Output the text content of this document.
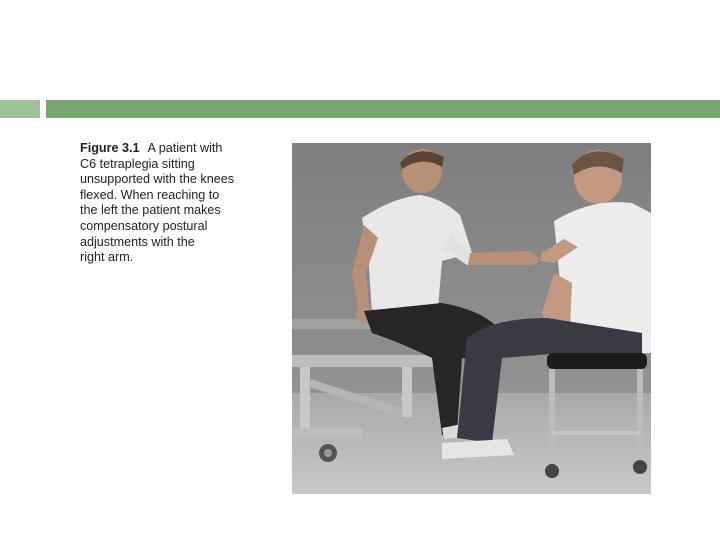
Figure 3.1 A patient with
C6 tetraplegia sitting
unsupported with the knees
flexed. When reaching to
the left the patient makes
compensatory postural
adjustments with the
right arm.
